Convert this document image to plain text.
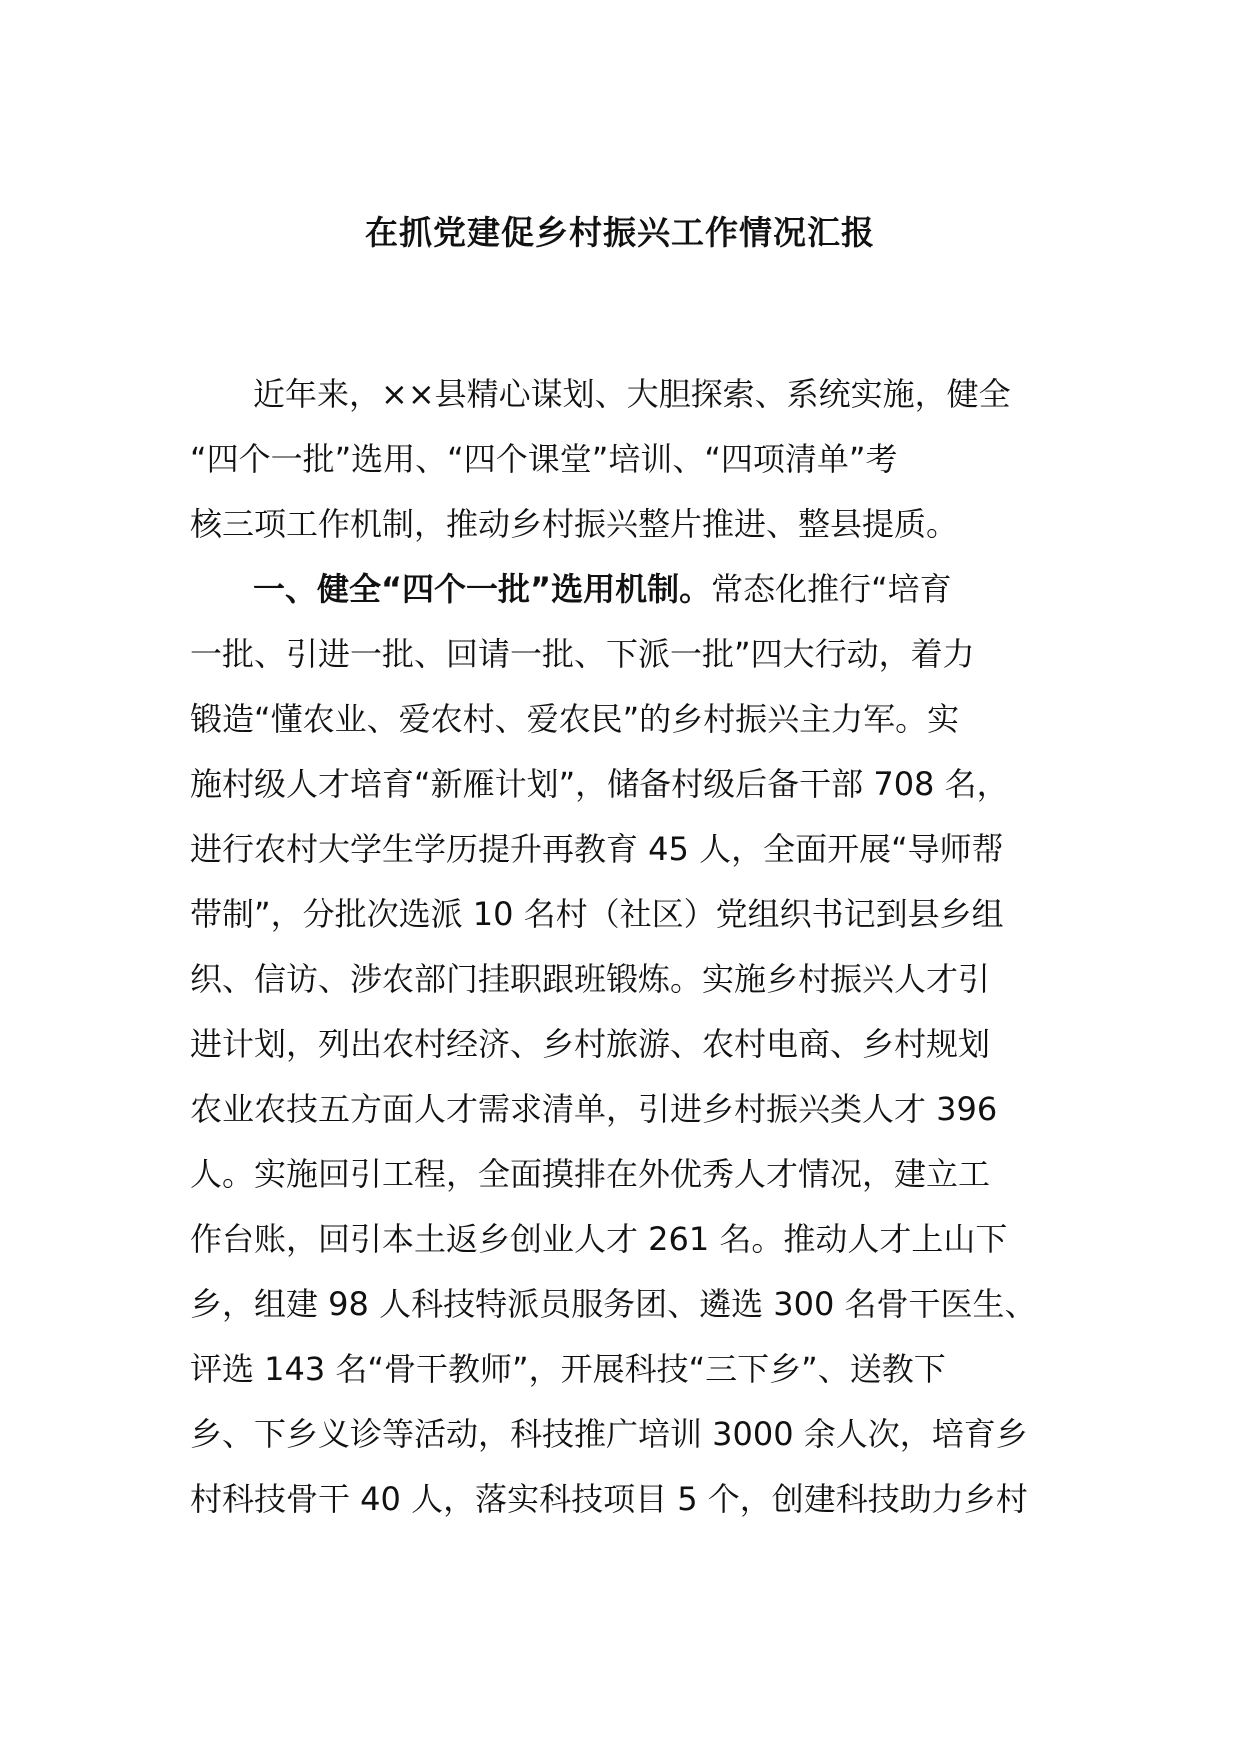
在抓党建促乡村振兴工作情况汇报
近年来，××县精心谋划、大胆探索、系统实施，健全
“四个一批”选用、“四个课堂”培训、“四项清单”考
核三项工作机制，推动乡村振兴整片推进、整县提质。
一、健全“四个一批”选用机制。常态化推行“培育
一批、引进一批、回请一批、下派一批”四大行动，着力
锻造“懂农业、爱农村、爱农民”的乡村振兴主力军。实
施村级人才培育“新雁计划”，储备村级后备干部 708 名，
进行农村大学生学历提升再教育 45 人，全面开展“导师帮
带制”，分批次选派 10 名村（社区）党组织书记到县乡组
织、信访、涉农部门挂职跟班锻炼。实施乡村振兴人才引
进计划，列出农村经济、乡村旅游、农村电商、乡村规划
农业农技五方面人才需求清单，引进乡村振兴类人才 396
人。实施回引工程，全面摸排在外优秀人才情况，建立工
作台账，回引本土返乡创业人才 261 名。推动人才上山下
乡，组建 98 人科技特派员服务团、遴选 300 名骨干医生、
评选 143 名“骨干教师”，开展科技“三下乡”、送教下
乡、下乡义诊等活动，科技推广培训 3000 余人次，培育乡
村科技骨干 40 人，落实科技项目 5 个，创建科技助力乡村
